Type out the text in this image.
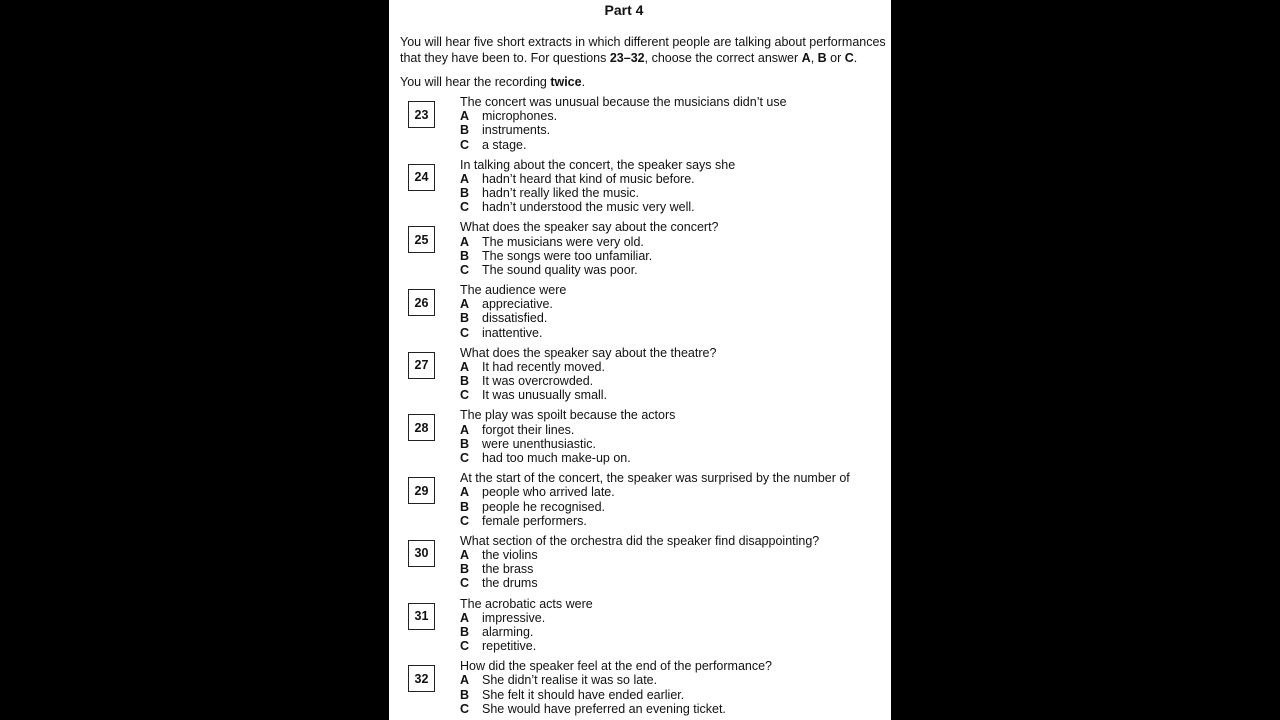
Part 4

You will hear five short extracts in which different people are talking about performances that they have been to. For questions 23–32, choose the correct answer A, B or C.

You will hear the recording twice.
23
The concert was unusual because the musicians didn’t use
A microphones.
B instruments.
C a stage.
24
In talking about the concert, the speaker says she
A hadn’t heard that kind of music before.
B hadn’t really liked the music.
C hadn’t understood the music very well.
25
What does the speaker say about the concert?
A The musicians were very old.
B The songs were too unfamiliar.
C The sound quality was poor.
26
The audience were
A appreciative.
B dissatisfied.
C inattentive.
27
What does the speaker say about the theatre?
A It had recently moved.
B It was overcrowded.
C It was unusually small.
28
The play was spoilt because the actors
A forgot their lines.
B were unenthusiastic.
C had too much make-up on.
29
At the start of the concert, the speaker was surprised by the number of
A people who arrived late.
B people he recognised.
C female performers.
30
What section of the orchestra did the speaker find disappointing?
A the violins
B the brass
C the drums
31
The acrobatic acts were
A impressive.
B alarming.
C repetitive.
32
How did the speaker feel at the end of the performance?
A She didn’t realise it was so late.
B She felt it should have ended earlier.
C She would have preferred an evening ticket.
